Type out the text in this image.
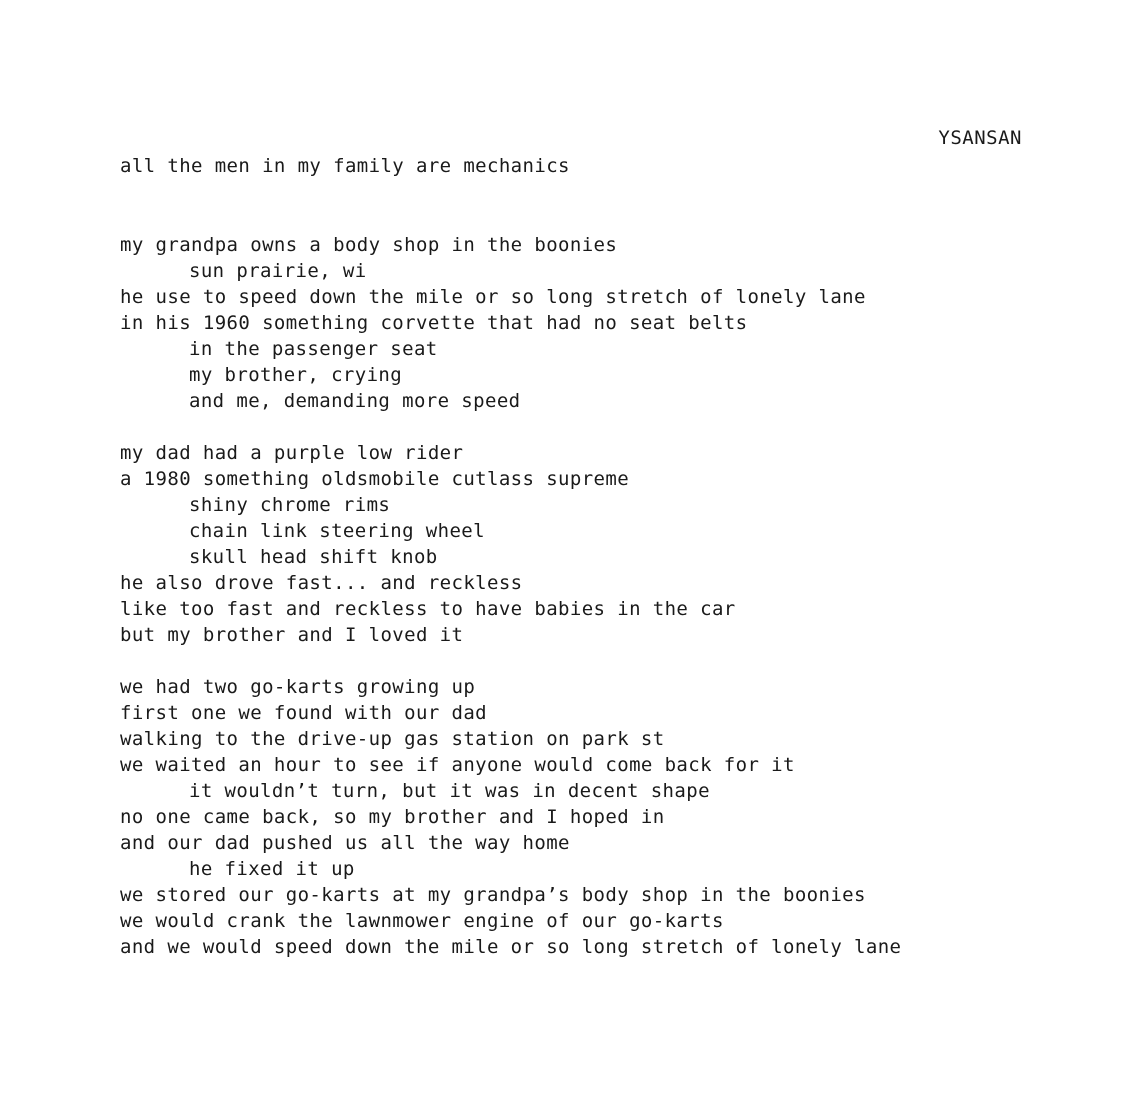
YSANSAN
all the men in my family are mechanics
my grandpa owns a body shop in the boonies
sun prairie, wi
he use to speed down the mile or so long stretch of lonely lane
in his 1960 something corvette that had no seat belts
in the passenger seat
my brother, crying
and me, demanding more speed
my dad had a purple low rider
a 1980 something oldsmobile cutlass supreme
shiny chrome rims
chain link steering wheel
skull head shift knob
he also drove fast... and reckless
like too fast and reckless to have babies in the car
but my brother and I loved it
we had two go-karts growing up
first one we found with our dad
walking to the drive-up gas station on park st
we waited an hour to see if anyone would come back for it
it wouldn’t turn, but it was in decent shape
no one came back, so my brother and I hoped in
and our dad pushed us all the way home
he fixed it up
we stored our go-karts at my grandpa’s body shop in the boonies
we would crank the lawnmower engine of our go-karts
and we would speed down the mile or so long stretch of lonely lane
